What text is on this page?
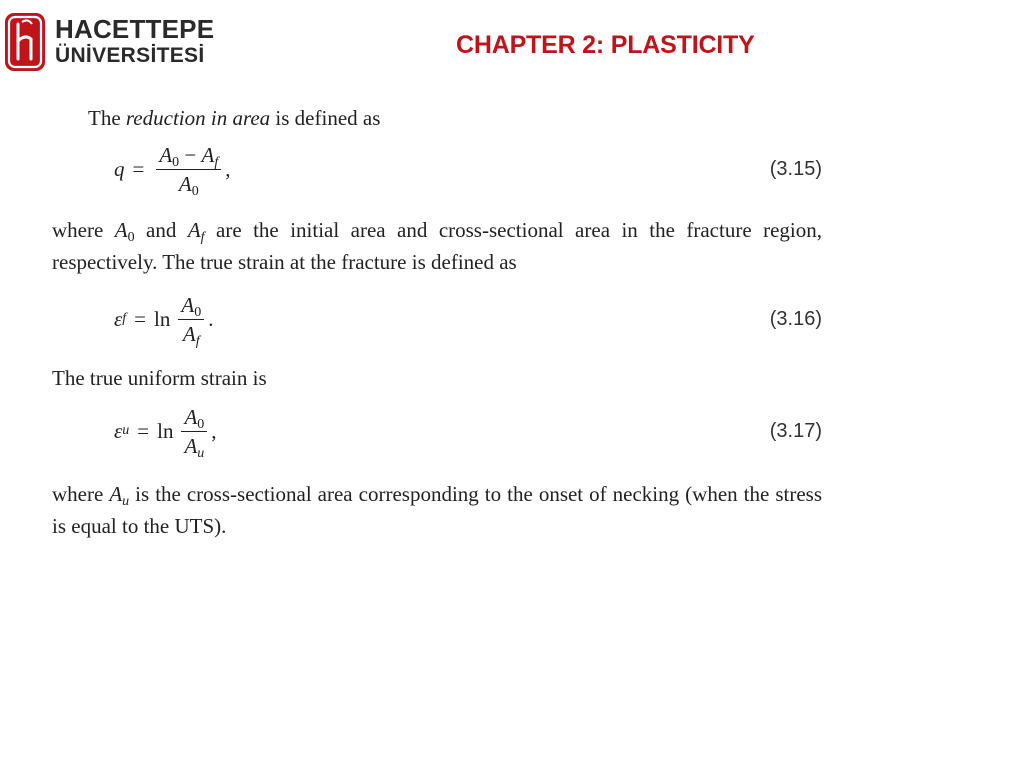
HACETTEPE
ÜNİVERSİTESİ	CHAPTER 2: PLASTICITY

The reduction in area is defined as

$q = \frac{A_0 - A_f}{A_0}$ ,	(3.15)

where $A_0$ and $A_f$ are the initial area and cross-sectional area in the fracture region, respectively. The true strain at the fracture is defined as

ε $f = \ln \frac{A_0}{A_f}$ .	(3.16)

The true uniform strain is

ε $u = \ln \frac{A_0}{A_u}$ ,	(3.17)

where $A_u$ is the cross-sectional area corresponding to the onset of necking (when the stress is equal to the UTS).
